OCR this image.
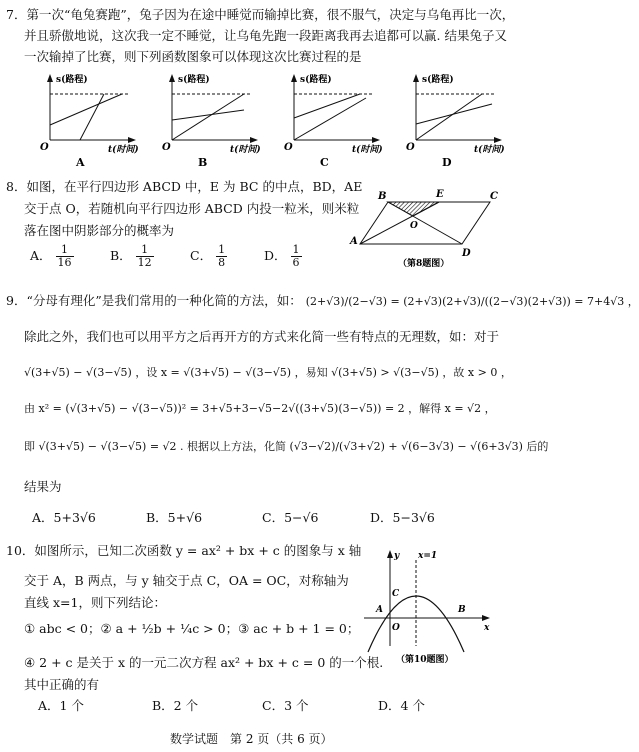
7．第一次“龟兔赛跑”，兔子因为在途中睡觉而输掉比赛，很不服气，决定与乌龟再比一次，
并且骄傲地说，这次我一定不睡觉，让乌龟先跑一段距离我再去追都可以赢. 结果兔子又
一次输掉了比赛，则下列函数图象可以体现这次比赛过程的是
s(路程)	s(路程)	s(路程)	s(路程)
t(时间)	t(时间)	t(时间)	t(时间)
O	O	O	O
A	B	C	D
8．如图，在平行四边形 ABCD 中，E 为 BC 的中点，BD，AE
交于点 O，若随机向平行四边形 ABCD 内投一粒米，则米粒
落在图中阴影部分的概率为
A． $\frac{1}{16}$	B． $\frac{1}{12}$	C． $\frac{1}{8}$	D． $\frac{1}{6}$
B	E	C
O
A
D
（第8题图）
9．“分母有理化”是我们常用的一种化简的方法，如： (2+√3)/(2−√3) = (2+√3)(2+√3)/((2−√3)(2+√3)) = 7+4√3 ，
除此之外，我们也可以用平方之后再开方的方式来化简一些有特点的无理数，如：对于
√(3+√5) − √(3−√5) ，设 x = √(3+√5) − √(3−√5) ，易知 √(3+√5) > √(3−√5) ，故 x > 0 ，
由 x² = (√(3+√5) − √(3−√5))² = 3+√5+3−√5−2√((3+√5)(3−√5)) = 2 ，解得 x = √2 ，
即 √(3+√5) − √(3−√5) = √2 . 根据以上方法，化简 (√3−√2)/(√3+√2) + √(6−3√3) − √(6+3√3) 后的
结果为
A．5+3√6	B．5+√6	C．5−√6	D．5−3√6
10．如图所示，已知二次函数 y = ax² + bx + c 的图象与 x 轴
交于 A，B 两点，与 y 轴交于点 C，OA = OC，对称轴为
直线 x=1，则下列结论：
① abc < 0；② a + ½b + ¼c > 0；③ ac + b + 1 = 0；
④ 2 + c 是关于 x 的一元二次方程 ax² + bx + c = 0 的一个根.
其中正确的有
A．1 个	B．2 个	C．3 个	D．4 个
y x=1
x
A	B
C
O
（第10题图）
数学试题　第 2 页（共 6 页）
